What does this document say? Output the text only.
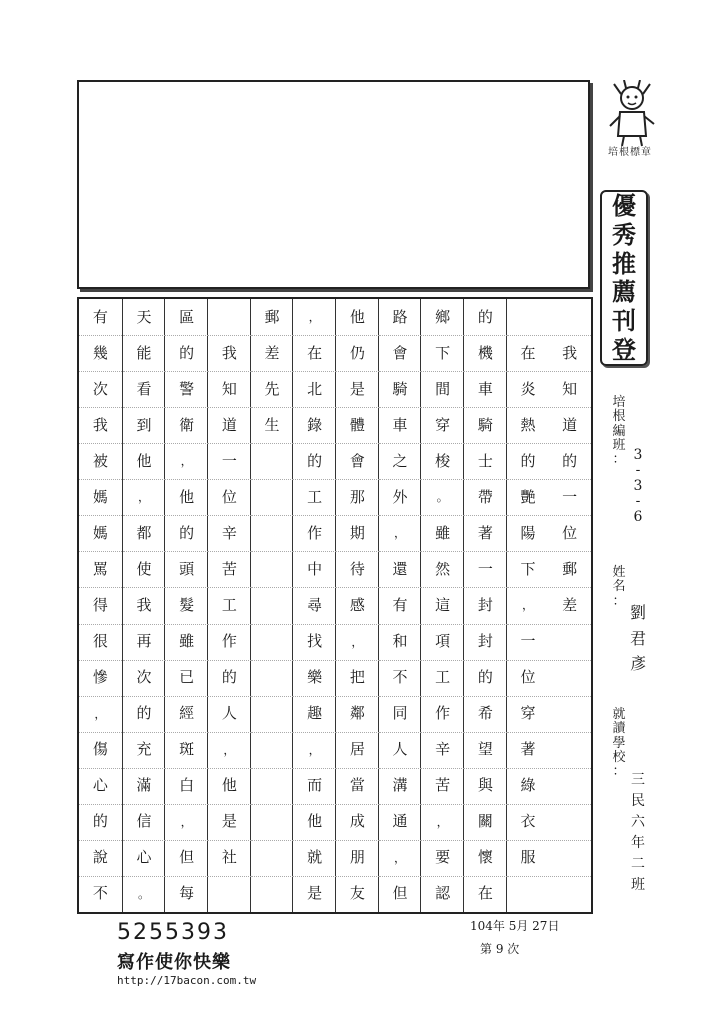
培根標章
優
秀
推
薦
刊
登
培
根
編
班
： 3
-
3
-
6
姓
名
：
劉
君
彥
就
讀
學
校
：
三
民
六
年
二
班
我
知
道
的
一
位
郵
差
在
炎
熱
的
艷
陽
下
，
一
位
穿
著
綠
衣
服
的
機
車
騎
士
帶
著
一
封
封
的
希
望
與
關
懷
在
鄉
下
間
穿
梭
。
雖
然
這
項
工
作
辛
苦
，
要
認
路
會
騎
車
之
外
，
還
有
和
不
同
人
溝
通
，
但
他
仍
是
體
會
那
期
待
感
，
把
鄰
居
當
成
朋
友
，
在
北
錄
的
工
作
中
尋
找
樂
趣
，
而
他
就
是
郵
差
先
生
我
知
道
一
位
辛
苦
工
作
的
人
，
他
是
社
區
的
警
衛
，
他
的
頭
髮
雖
已
經
斑
白
，
但
每
天
能
看
到
他
，
都
使
我
再
次
的
充
滿
信
心
。
有
幾
次
我
被
媽
媽
罵
得
很
慘
，
傷
心
的
說
不
5255393
寫作使你快樂
http://17bacon.com.tw
104年 5月 27日
第 9 次
